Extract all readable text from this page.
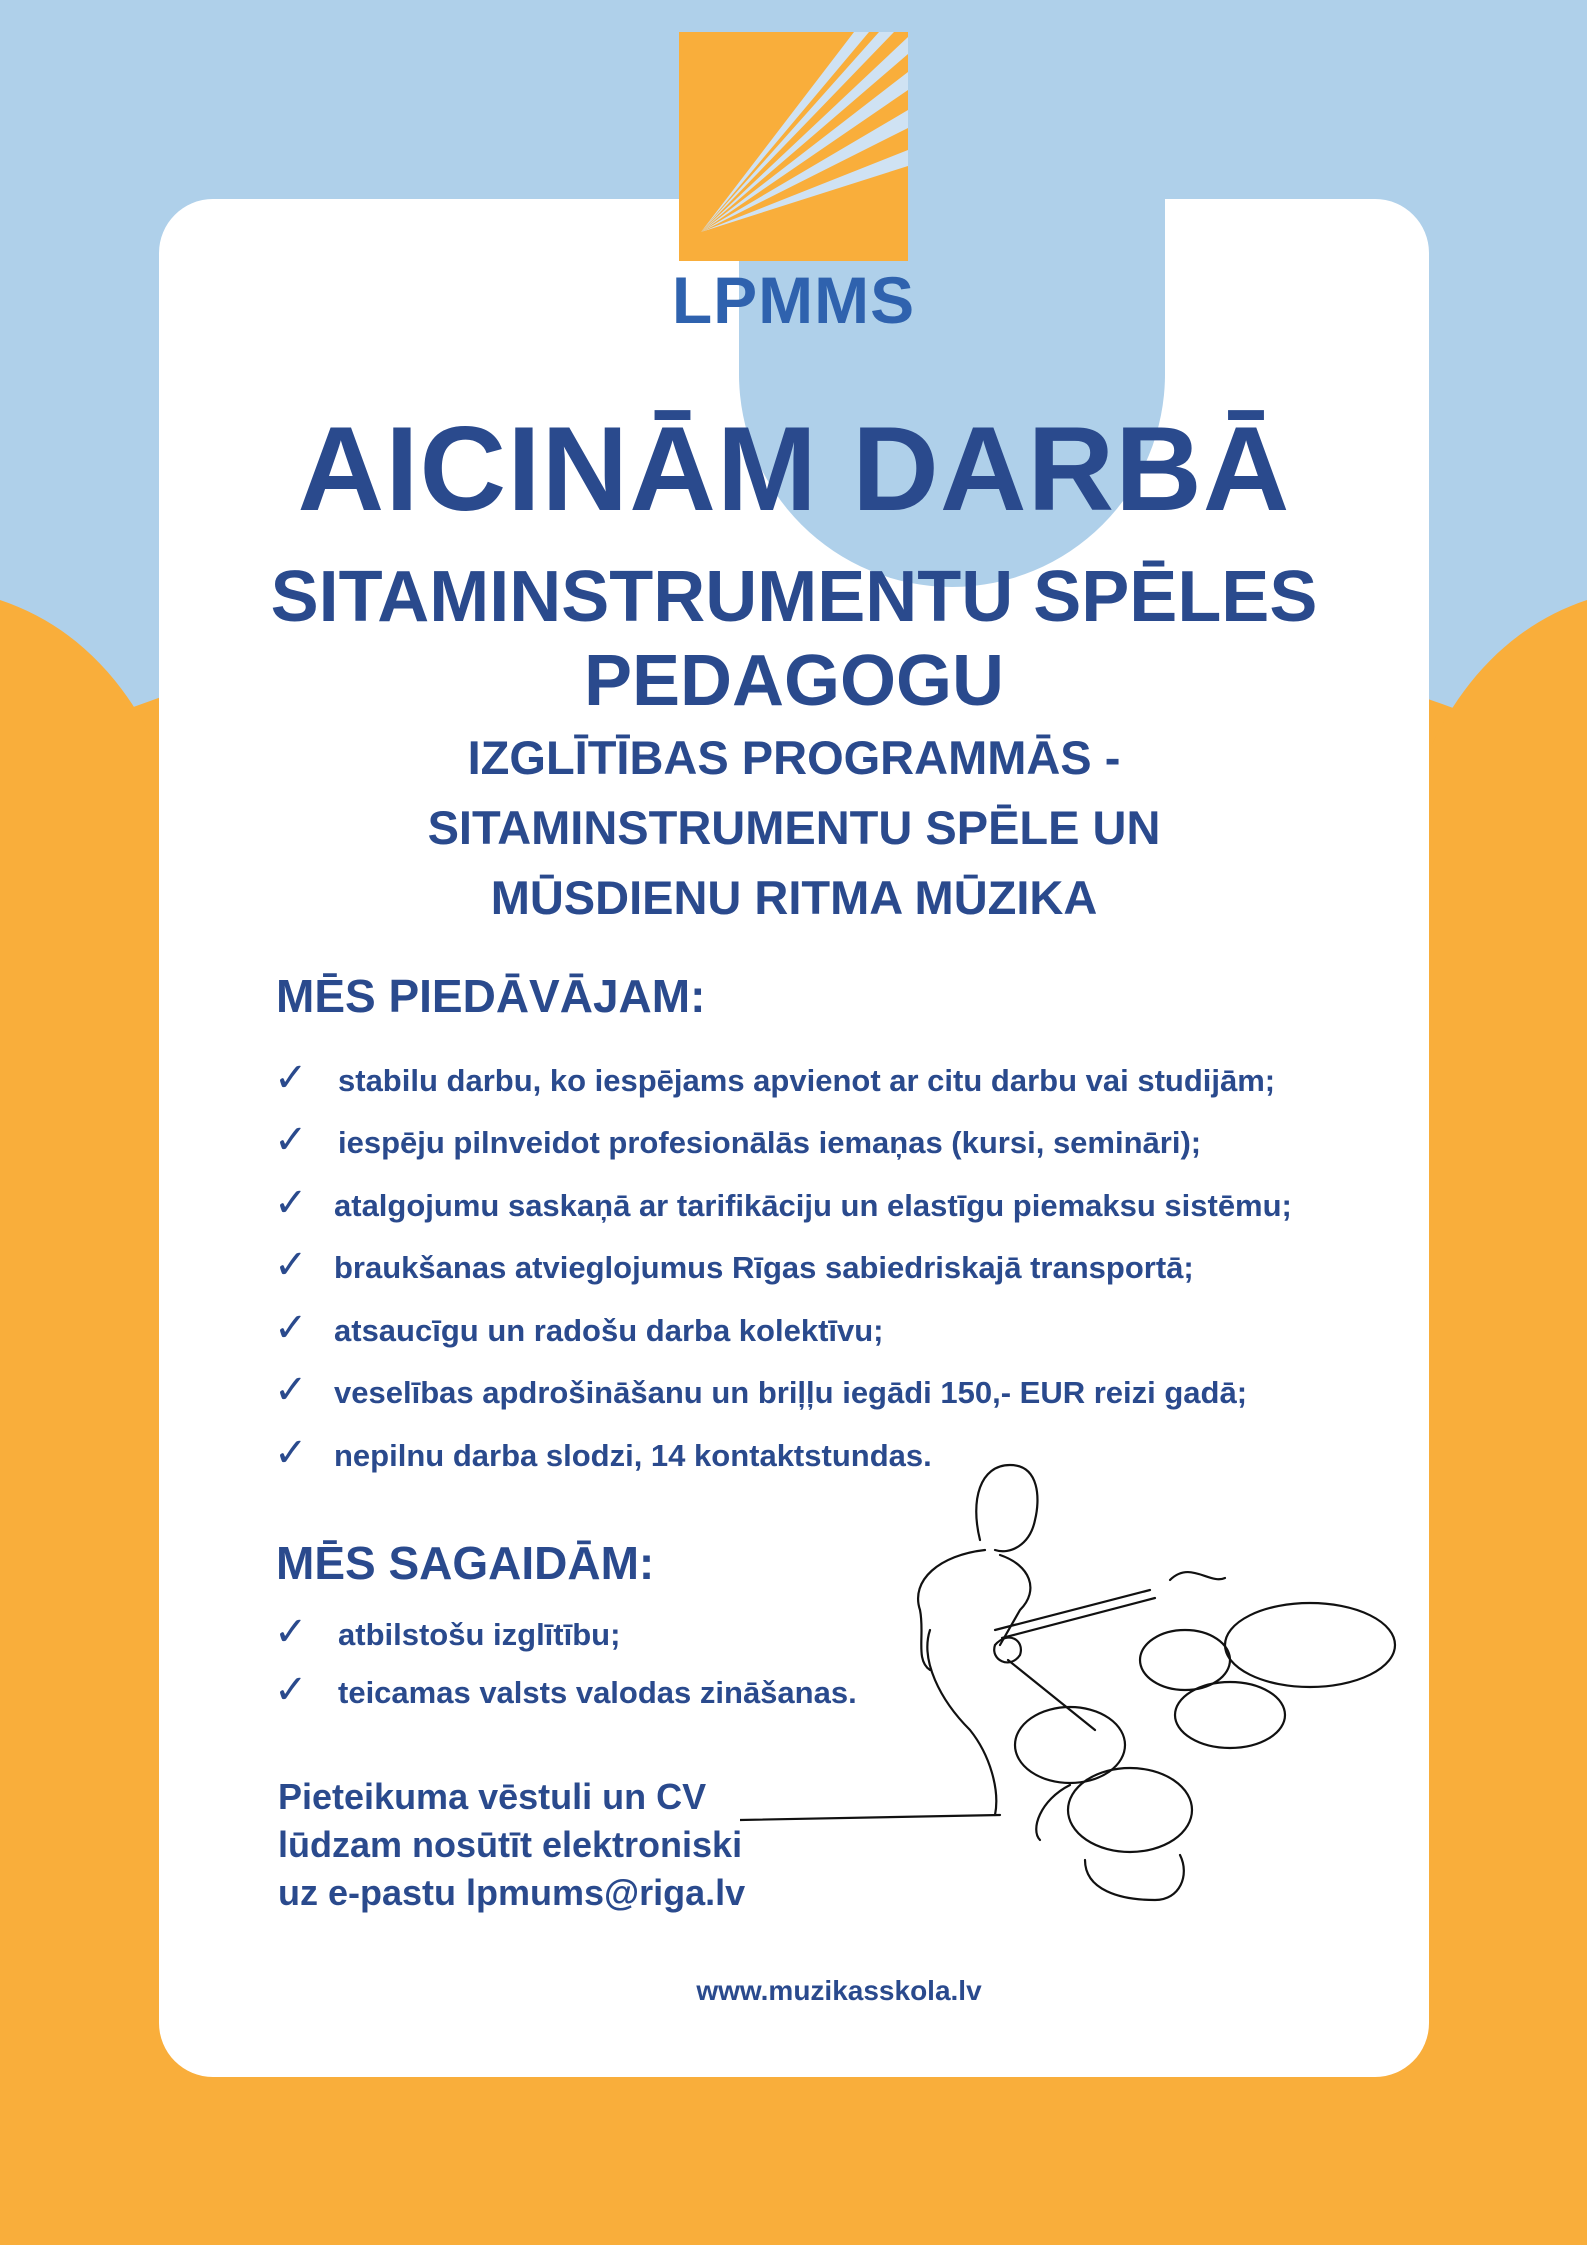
LPMMS
AICINĀM DARBĀ
SITAMINSTRUMENTU SPĒLES
PEDAGOGU
IZGLĪTĪBAS PROGRAMMĀS -
SITAMINSTRUMENTU SPĒLE UN
MŪSDIENU RITMA MŪZIKA
MĒS PIEDĀVĀJAM:
✓ stabilu darbu, ko iespējams apvienot ar citu darbu vai studijām;
✓ iespēju pilnveidot profesionālās iemaņas (kursi, semināri);
✓ atalgojumu saskaņā ar tarifikāciju un elastīgu piemaksu sistēmu;
✓ braukšanas atvieglojumus Rīgas sabiedriskajā transportā;
✓ atsaucīgu un radošu darba kolektīvu;
✓ veselības apdrošināšanu un briļļu iegādi 150,- EUR reizi gadā;
✓ nepilnu darba slodzi, 14 kontaktstundas.
MĒS SAGAIDĀM:
✓ atbilstošu izglītību;
✓ teicamas valsts valodas zināšanas.
Pieteikuma vēstuli un CV
lūdzam nosūtīt elektroniski
uz e-pastu lpmums@riga.lv
www.muzikasskola.lv
